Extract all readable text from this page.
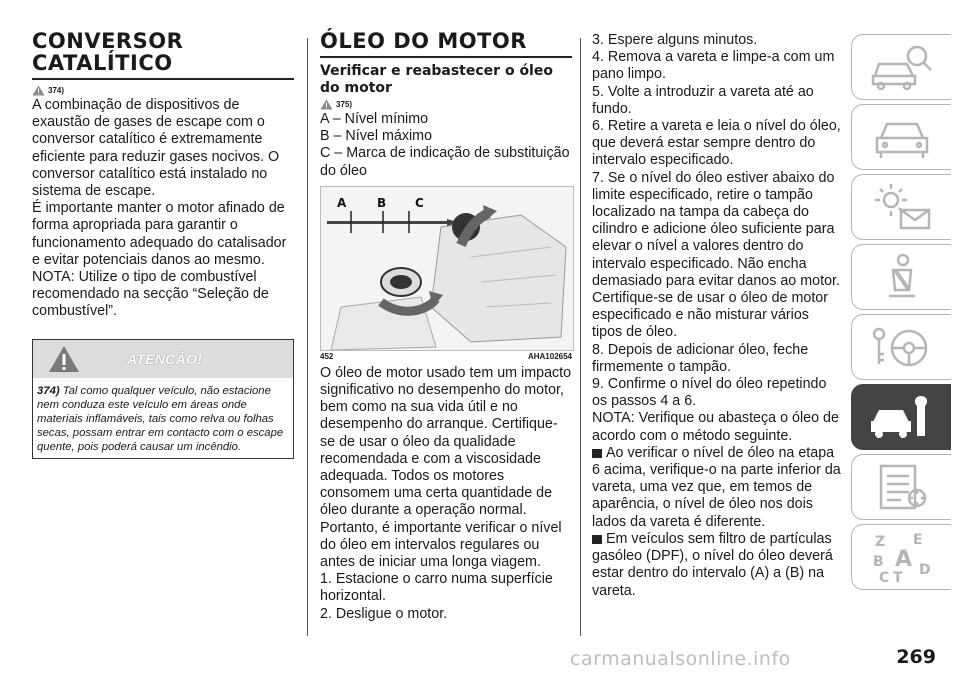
CONVERSOR
CATALÍTICO
374)

A combinação de dispositivos de exaustão de gases de escape com o conversor catalítico é extremamente eficiente para reduzir gases nocivos. O conversor catalítico está instalado no sistema de escape.

É importante manter o motor afinado de forma apropriada para garantir o funcionamento adequado do catalisador e evitar potenciais danos ao mesmo.

NOTA: Utilize o tipo de combustível recomendado na secção “Seleção de combustível”.

ATENÇÃO!
374) Tal como qualquer veículo, não estacione nem conduza este veículo em áreas onde materiais inflamáveis, tais como relva ou folhas secas, possam entrar em contacto com o escape quente, pois poderá causar um incêndio.
ÓLEO DO MOTOR
Verificar e reabastecer o óleo do motor
375)

A – Nível mínimo

B – Nível máximo

C – Marca de indicação de substituição do óleo

A	B C
452	AHA102654

O óleo de motor usado tem um impacto significativo no desempenho do motor, bem como na sua vida útil e no desempenho do arranque. Certifique-se de usar o óleo da qualidade recomendada e com a viscosidade adequada. Todos os motores consomem uma certa quantidade de óleo durante a operação normal. Portanto, é importante verificar o nível do óleo em intervalos regulares ou antes de iniciar uma longa viagem.

1. Estacione o carro numa superfície horizontal.

2. Desligue o motor.

3. Espere alguns minutos.

4. Remova a vareta e limpe-a com um pano limpo.

5. Volte a introduzir a vareta até ao fundo.

6. Retire a vareta e leia o nível do óleo, que deverá estar sempre dentro do intervalo especificado.

7. Se o nível do óleo estiver abaixo do limite especificado, retire o tampão localizado na tampa da cabeça do cilindro e adicione óleo suficiente para elevar o nível a valores dentro do intervalo especificado. Não encha demasiado para evitar danos ao motor. Certifique-se de usar o óleo de motor especificado e não misturar vários tipos de óleo.

8. Depois de adicionar óleo, feche firmemente o tampão.

9. Confirme o nível do óleo repetindo os passos 4 a 6.

NOTA: Verifique ou abasteça o óleo de acordo com o método seguinte.

Ao verificar o nível de óleo na etapa 6 acima, verifique-o na parte inferior da vareta, uma vez que, em temos de aparência, o nível de óleo nos dois lados da vareta é diferente.

Em veículos sem filtro de partículas gasóleo (DPF), o nível do óleo deverá estar dentro do intervalo (A) a (B) na vareta.

Z E
B A
C T D
carmanualsonline.info	269
